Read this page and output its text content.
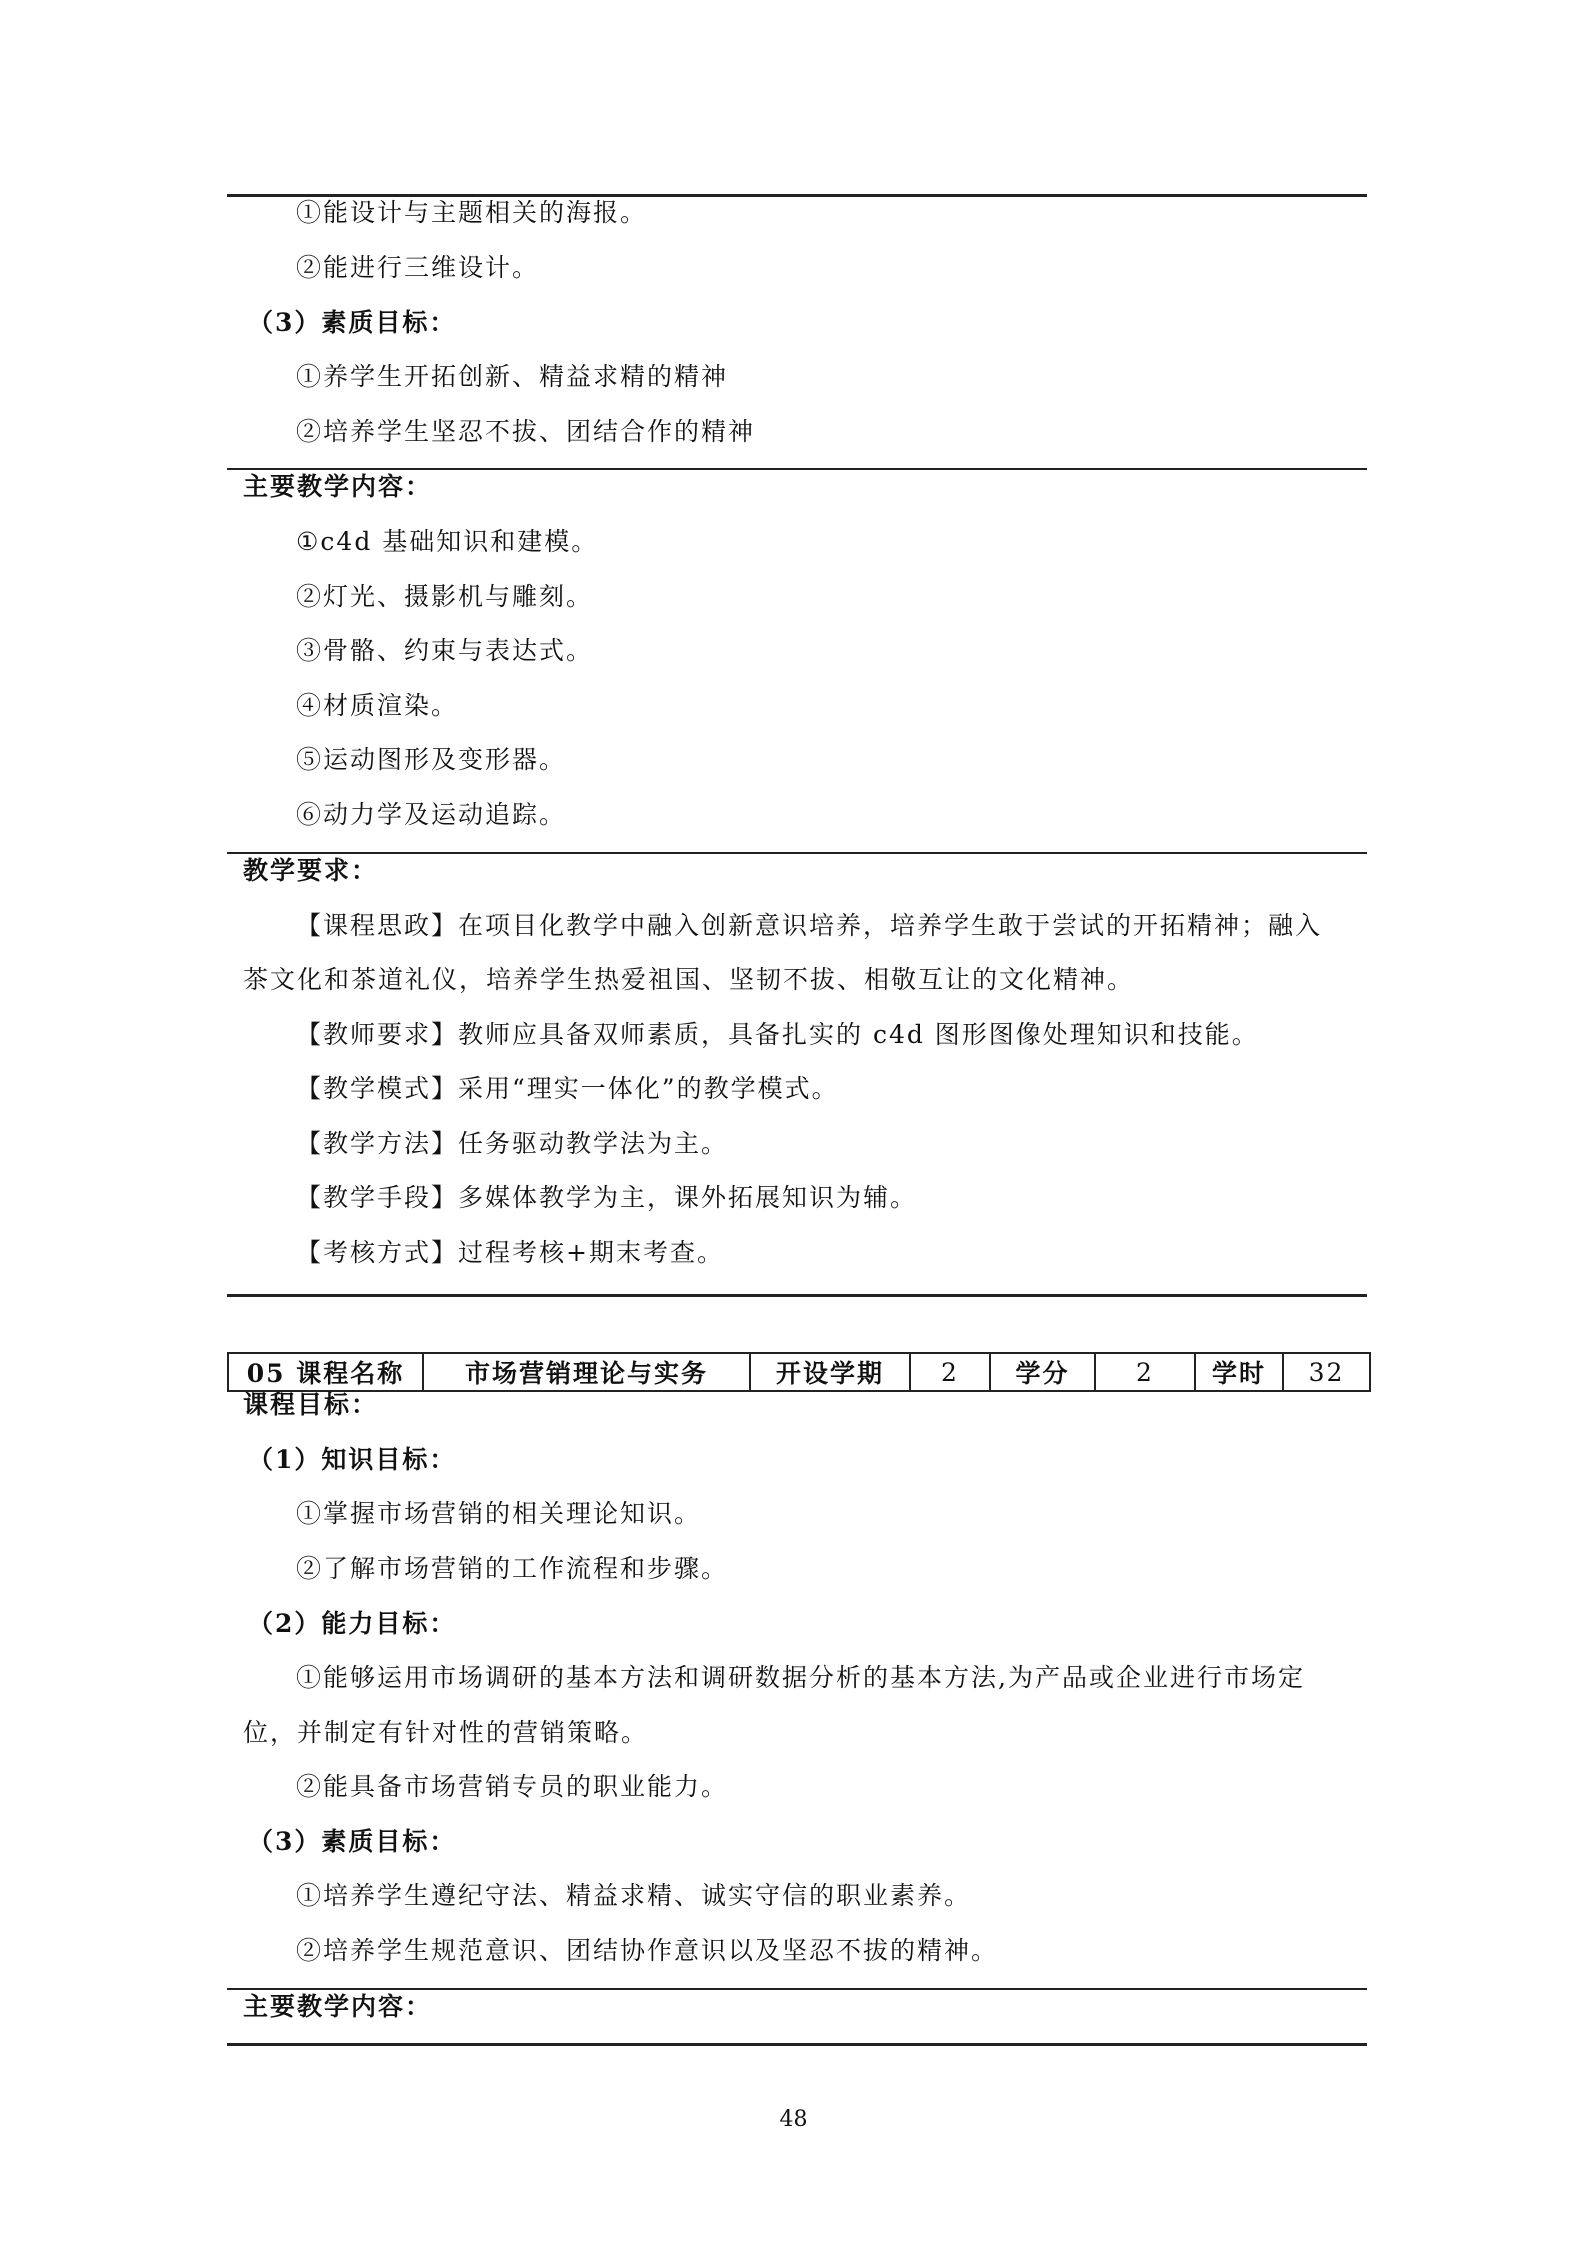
①能设计与主题相关的海报。
②能进行三维设计。
（3）素质目标：
①养学生开拓创新、精益求精的精神
②培养学生坚忍不拔、团结合作的精神
主要教学内容：
①c4d 基础知识和建模。
②灯光、摄影机与雕刻。
③骨骼、约束与表达式。
④材质渲染。
⑤运动图形及变形器。
⑥动力学及运动追踪。
教学要求：
【课程思政】在项目化教学中融入创新意识培养，培养学生敢于尝试的开拓精神；融入
茶文化和茶道礼仪，培养学生热爱祖国、坚韧不拔、相敬互让的文化精神。
【教师要求】教师应具备双师素质，具备扎实的 c4d 图形图像处理知识和技能。
【教学模式】采用“理实一体化”的教学模式。
【教学方法】任务驱动教学法为主。
【教学手段】多媒体教学为主，课外拓展知识为辅。
【考核方式】过程考核+期末考查。
05 课程名称	市场营销理论与实务	开设学期	2	学分	2	学时	32
课程目标：
（1）知识目标：
①掌握市场营销的相关理论知识。
②了解市场营销的工作流程和步骤。
（2）能力目标：
①能够运用市场调研的基本方法和调研数据分析的基本方法,为产品或企业进行市场定
位，并制定有针对性的营销策略。
②能具备市场营销专员的职业能力。
（3）素质目标：
①培养学生遵纪守法、精益求精、诚实守信的职业素养。
②培养学生规范意识、团结协作意识以及坚忍不拔的精神。
主要教学内容：
48
